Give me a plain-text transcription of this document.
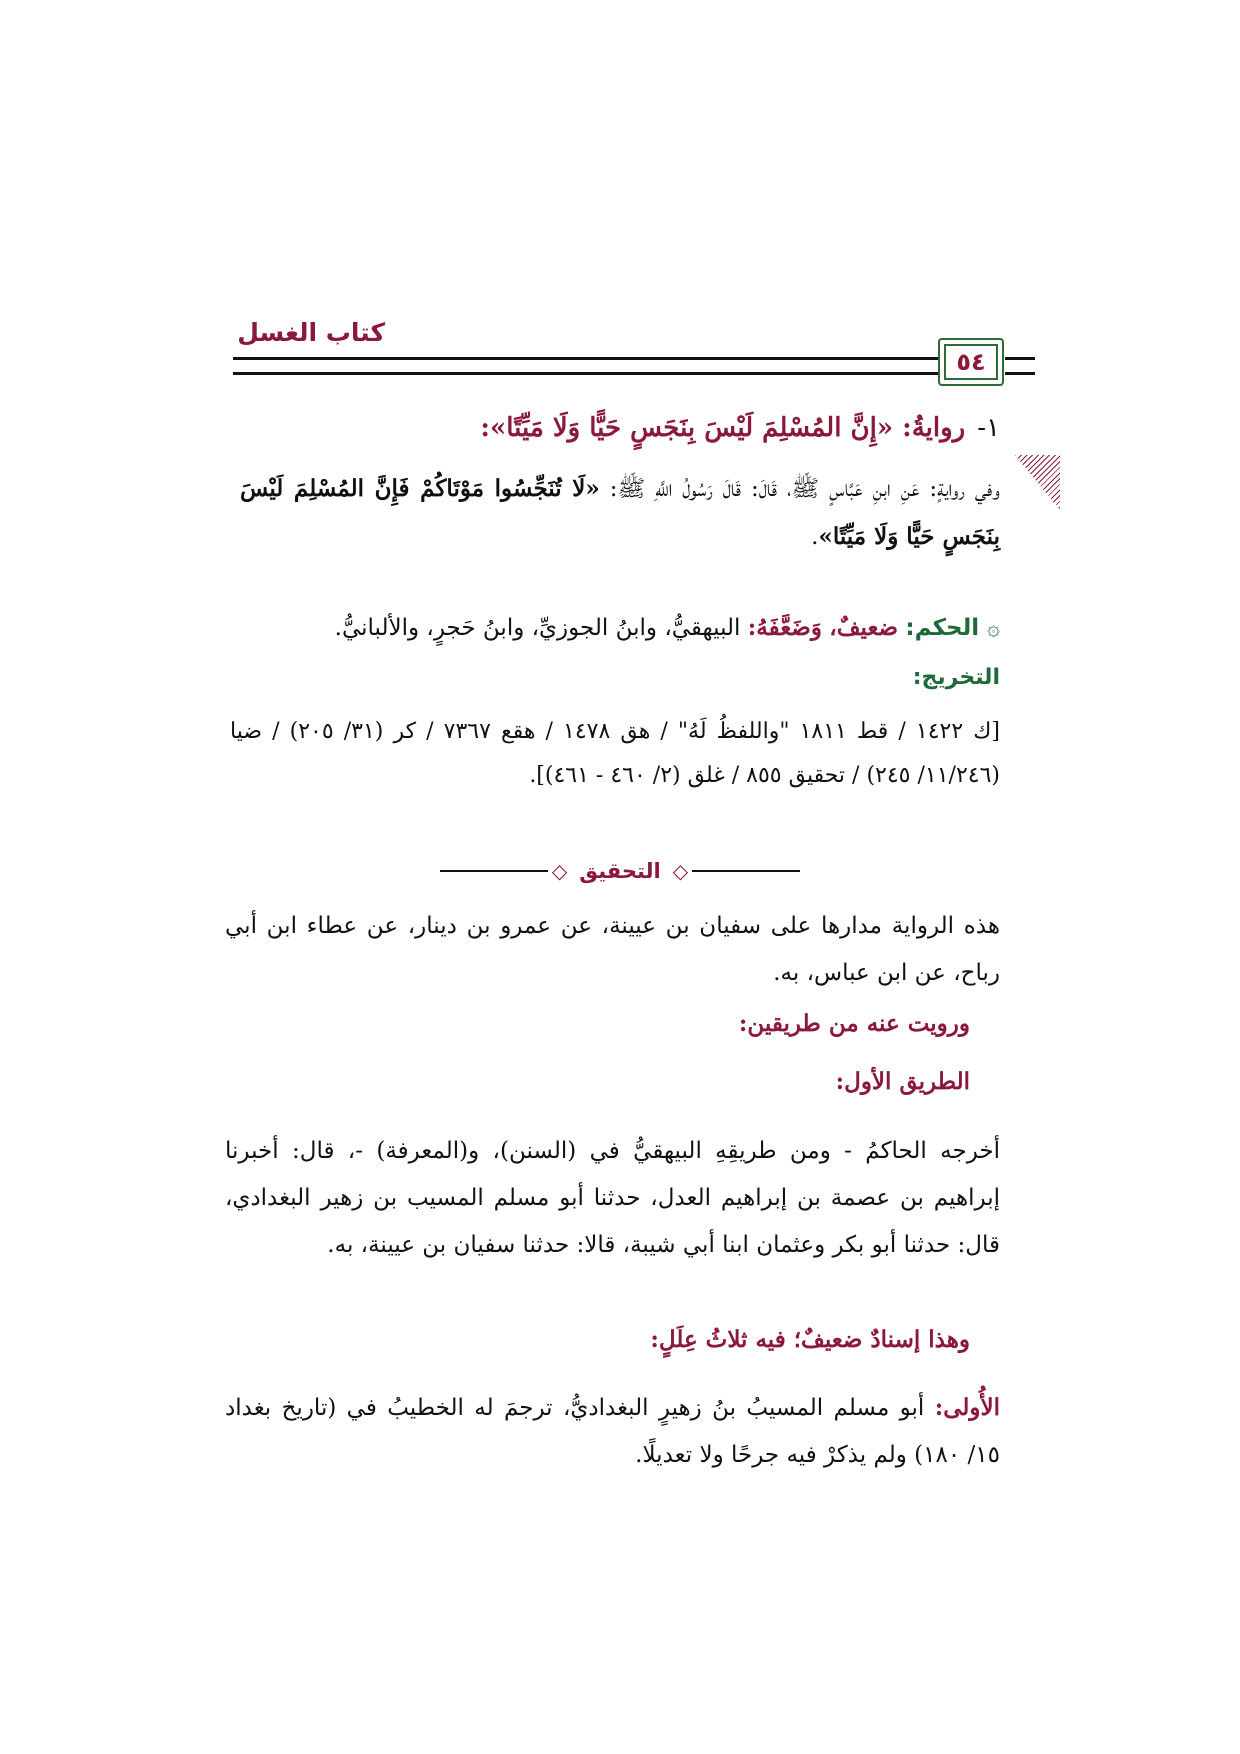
كتاب الغسل
٥٤
١-روايةُ: «إِنَّ المُسْلِمَ لَيْسَ بِنَجَسٍ حَيًّا وَلَا مَيِّتًا»:
وفي روايةٍ: عَنِ ابنِ عَبَّاسٍ ﷺ، قَالَ: قَالَ رَسُولُ اللَّهِ ﷺ: «لَا تُنَجِّسُوا مَوْتَاكُمْ فَإِنَّ المُسْلِمَ لَيْسَ بِنَجَسٍ حَيًّا وَلَا مَيِّتًا».
۞الحكم: ضعيفٌ، وَضَعَّفَهُ: البيهقيُّ، وابنُ الجوزيِّ، وابنُ حَجرٍ، والألبانيُّ.
التخريج:
[ك ١٤٢٢ / قط ١٨١١ "واللفظُ لَهُ" / هق ١٤٧٨ / هقع ٧٣٦٧ / كر (٣١/ ٢٠٥) / ضيا (١١/٢٤٦/ ٢٤٥) / تحقيق ٨٥٥ / غلق (٢/ ٤٦٠ - ٤٦١)].
◇
التحقيق
◇
هذه الرواية مدارها على سفيان بن عيينة، عن عمرو بن دينار، عن عطاء ابن أبي رباح، عن ابن عباس، به.
ورويت عنه من طريقين:
الطريق الأول:
أخرجه الحاكمُ - ومن طريقِهِ البيهقيُّ في (السنن)، و(المعرفة) -، قال: أخبرنا إبراهيم بن عصمة بن إبراهيم العدل، حدثنا أبو مسلم المسيب بن زهير البغدادي، قال: حدثنا أبو بكر وعثمان ابنا أبي شيبة، قالا: حدثنا سفيان بن عيينة، به.
وهذا إسنادٌ ضعيفٌ؛ فيه ثلاثُ عِلَلٍ:
الأُولى: أبو مسلم المسيبُ بنُ زهيرٍ البغداديُّ، ترجمَ له الخطيبُ في (تاريخ بغداد ١٥/ ١٨٠) ولم يذكرْ فيه جرحًا ولا تعديلًا.
